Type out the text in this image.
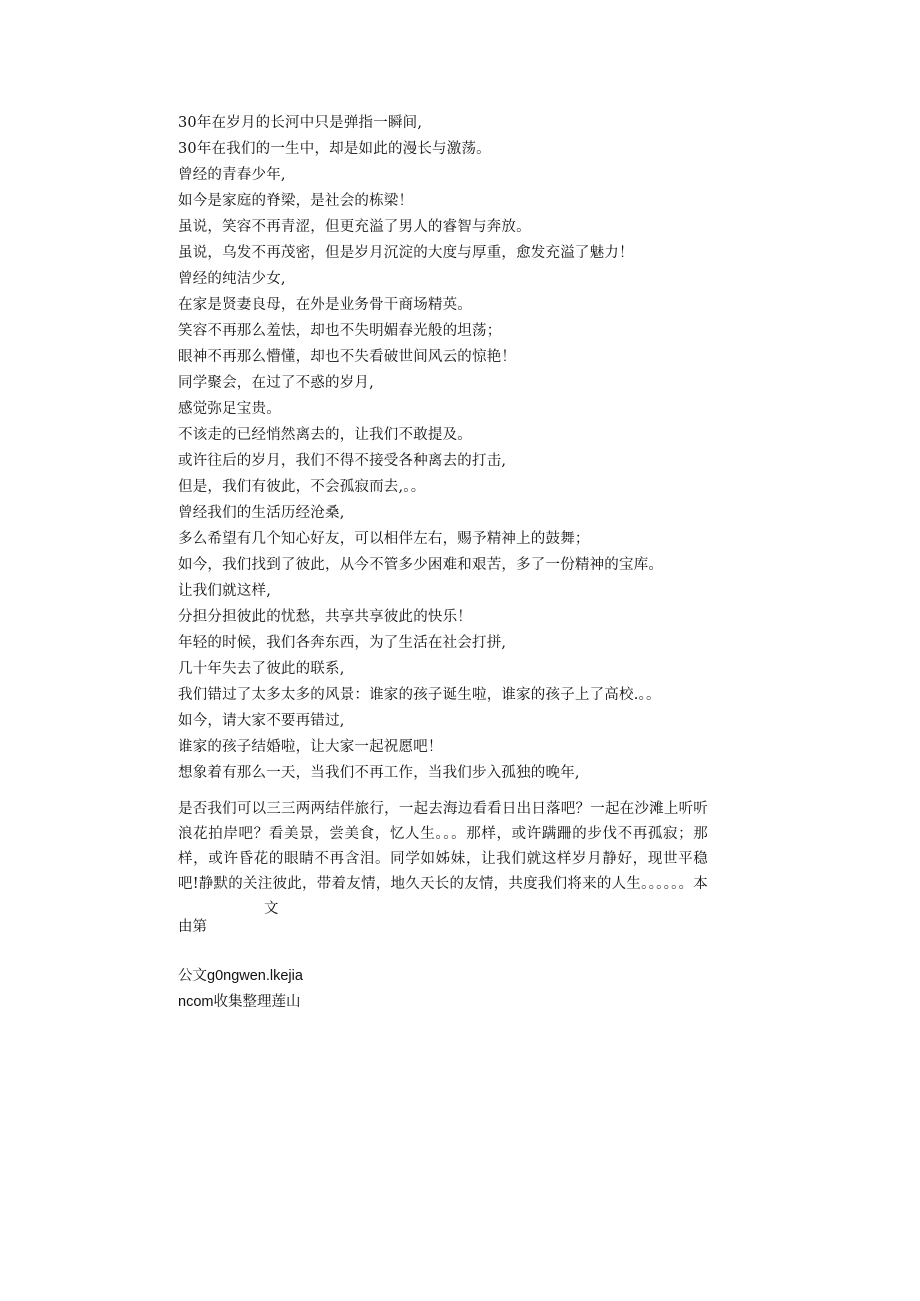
30年在岁月的长河中只是弹指一瞬间,
30年在我们的一生中，却是如此的漫长与激荡。
曾经的青春少年,
如今是家庭的脊梁，是社会的栋梁！
虽说，笑容不再青涩，但更充溢了男人的睿智与奔放。
虽说，乌发不再茂密，但是岁月沉淀的大度与厚重，愈发充溢了魅力！
曾经的纯洁少女,
在家是贤妻良母，在外是业务骨干商场精英。
笑容不再那么羞怯，却也不失明媚春光般的坦荡；
眼神不再那么懵懂，却也不失看破世间风云的惊艳！
同学聚会，在过了不惑的岁月,
感觉弥足宝贵。
不该走的已经悄然离去的，让我们不敢提及。
或许往后的岁月，我们不得不接受各种离去的打击,
但是，我们有彼此，不会孤寂而去,。。
曾经我们的生活历经沧桑,
多么希望有几个知心好友，可以相伴左右，赐予精神上的鼓舞；
如今，我们找到了彼此，从今不管多少困难和艰苦，多了一份精神的宝库。
让我们就这样,
分担分担彼此的忧愁，共享共享彼此的快乐！
年轻的时候，我们各奔东西，为了生活在社会打拼,
几十年失去了彼此的联系,
我们错过了太多太多的风景：谁家的孩子诞生啦，谁家的孩子上了高校.。。
如今，请大家不要再错过,
谁家的孩子结婚啦，让大家一起祝愿吧！
想象着有那么一天，当我们不再工作，当我们步入孤独的晚年,
是否我们可以三三两两结伴旅行，一起去海边看看日出日落吧？一起在沙滩上听听浪花拍岸吧？看美景，尝美食，忆人生。。。那样，或许蹒跚的步伐不再孤寂；那样，或许昏花的眼睛不再含泪。同学如姊妹，让我们就这样岁月静好，现世平稳吧!静默的关注彼此，带着友情，地久天长的友情，共度我们将来的人生。。。。。。本文
由第
公文g0ngwen.lkejia
ncom收集整理莲山
